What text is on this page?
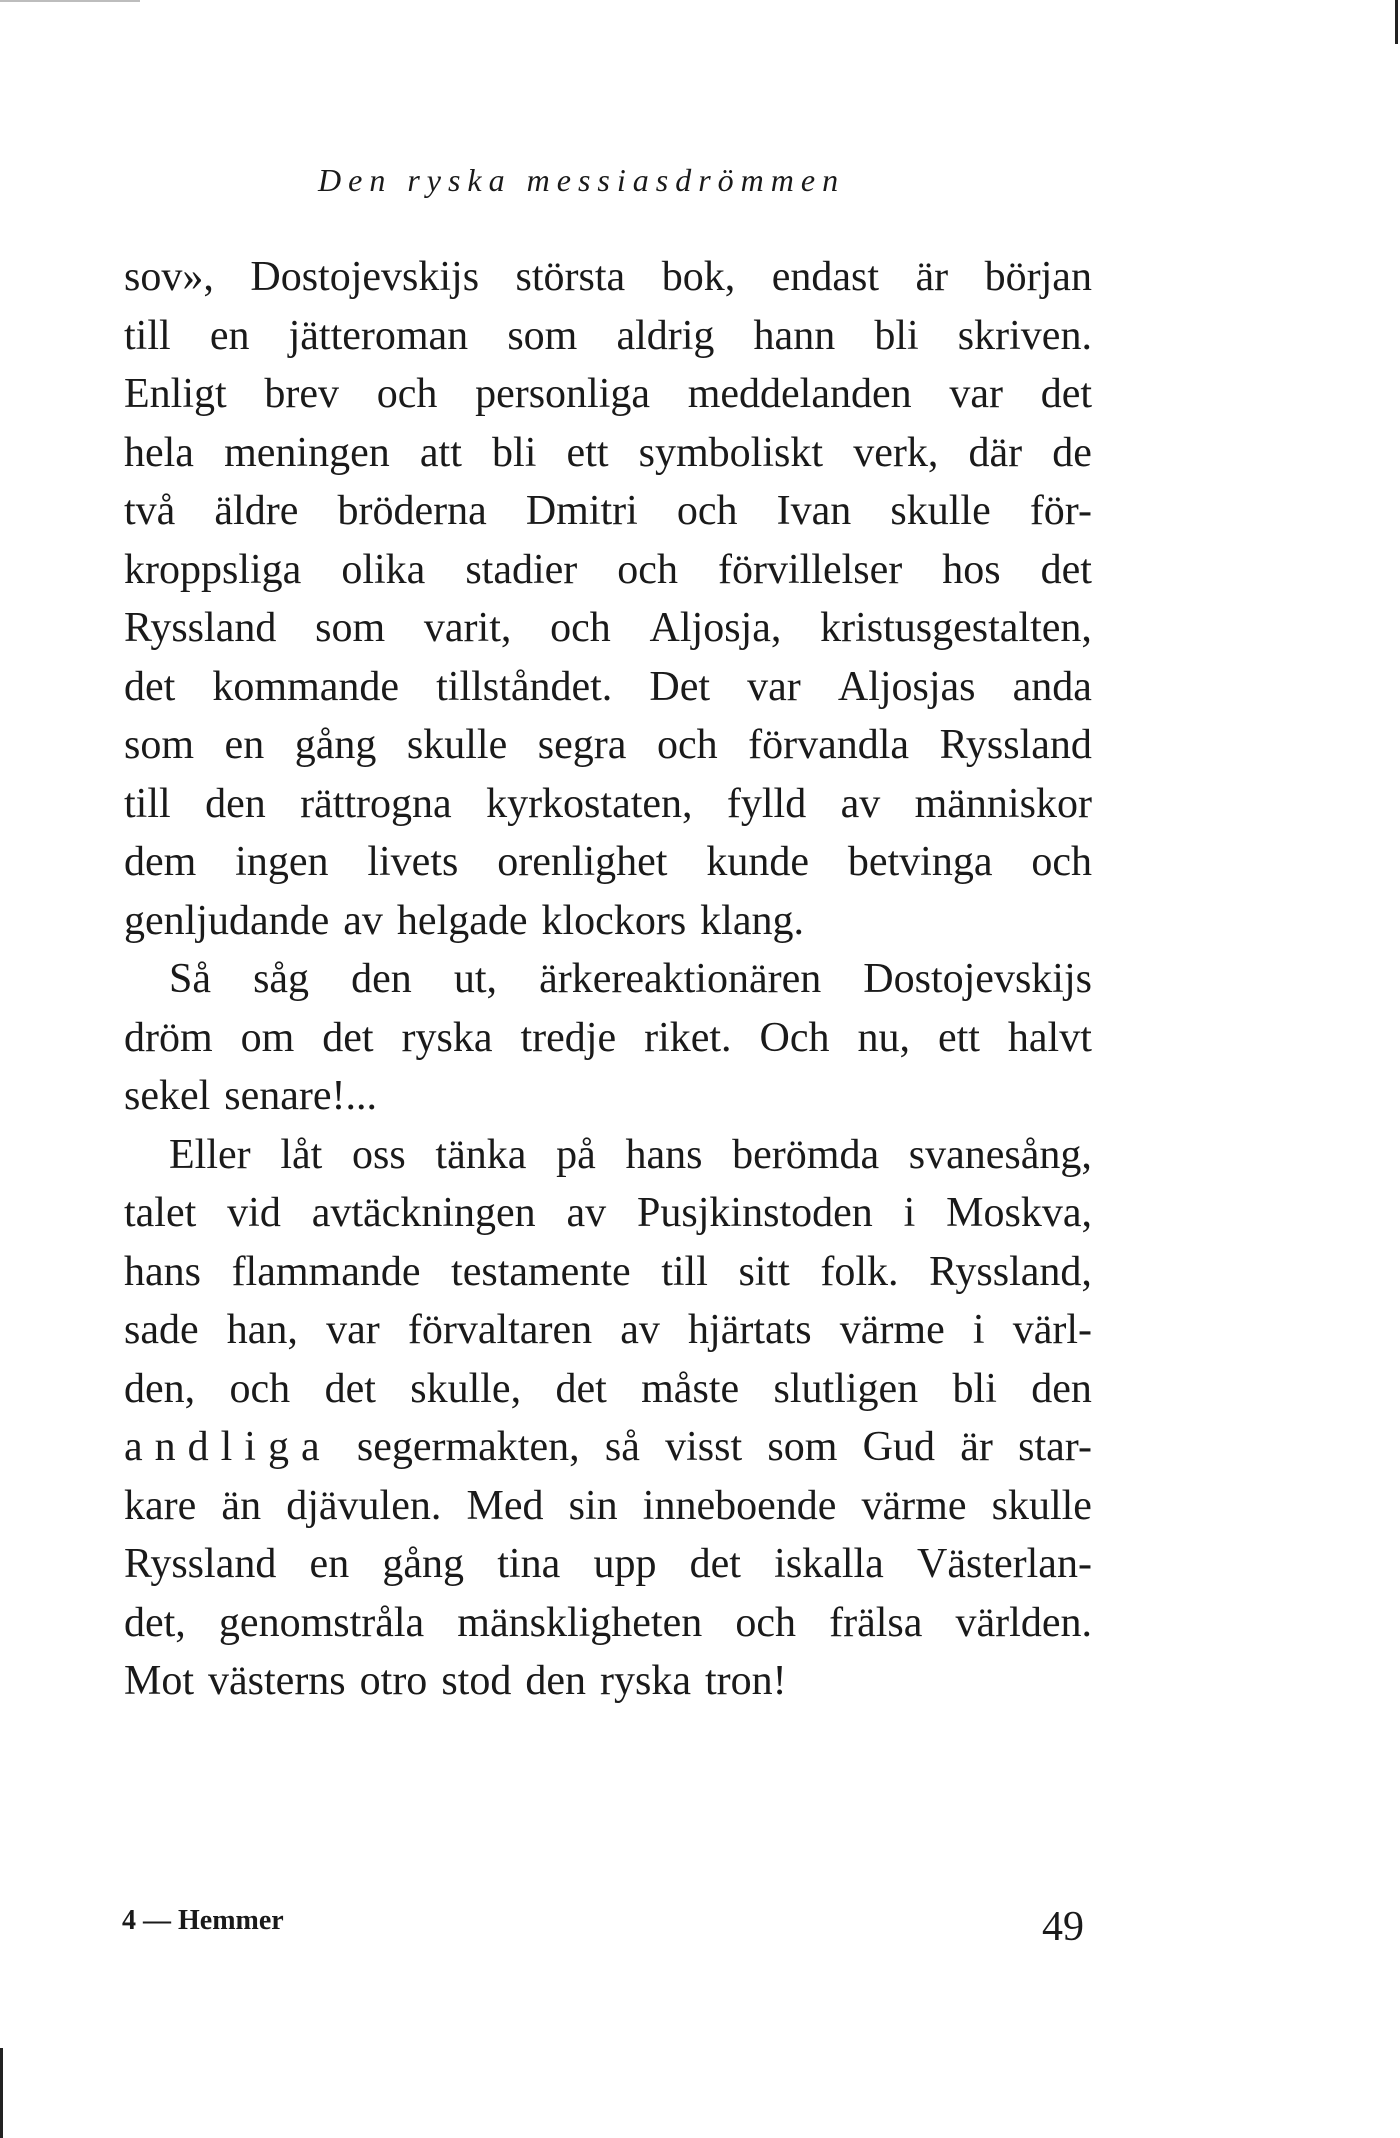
Den ryska messiasdrömmen
sov», Dostojevskijs största bok, endast är början
till en jätteroman som aldrig hann bli skriven.
Enligt brev och personliga meddelanden var det
hela meningen att bli ett symboliskt verk, där de
två äldre bröderna Dmitri och Ivan skulle för-
kroppsliga olika stadier och förvillelser hos det
Ryssland som varit, och Aljosja, kristusgestalten,
det kommande tillståndet. Det var Aljosjas anda
som en gång skulle segra och förvandla Ryssland
till den rättrogna kyrkostaten, fylld av människor
dem ingen livets orenlighet kunde betvinga och
genljudande av helgade klockors klang.
Så såg den ut, ärkereaktionären Dostojevskijs
dröm om det ryska tredje riket. Och nu, ett halvt
sekel senare!...
Eller låt oss tänka på hans berömda svanesång,
talet vid avtäckningen av Pusjkinstoden i Moskva,
hans flammande testamente till sitt folk. Ryssland,
sade han, var förvaltaren av hjärtats värme i värl-
den, och det skulle, det måste slutligen bli den
andliga segermakten, så visst som Gud är star-
kare än djävulen. Med sin inneboende värme skulle
Ryssland en gång tina upp det iskalla Västerlan-
det, genomstråla mänskligheten och frälsa världen.
Mot västerns otro stod den ryska tron!
4 — Hemmer	49
